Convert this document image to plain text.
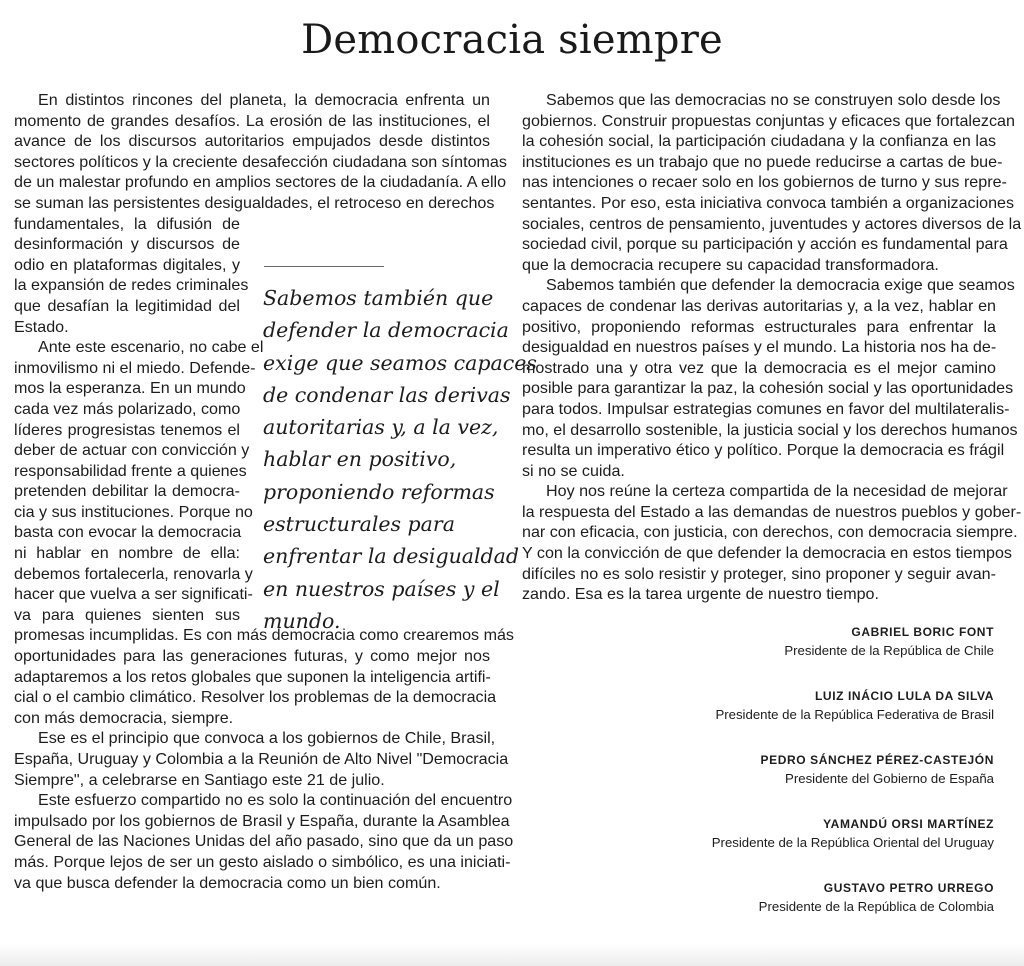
Democracia siempre
En distintos rincones del planeta, la democracia enfrenta un
momento de grandes desafíos. La erosión de las instituciones, el
avance de los discursos autoritarios empujados desde distintos
sectores políticos y la creciente desafección ciudadana son síntomas
de un malestar profundo en amplios sectores de la ciudadanía. A ello
se suman las persistentes desigualdades, el retroceso en derechos
fundamentales, la difusión de
desinformación y discursos de
odio en plataformas digitales, y
la expansión de redes criminales
que desafían la legitimidad del
Estado.
Ante este escenario, no cabe el
inmovilismo ni el miedo. Defende-
mos la esperanza. En un mundo
cada vez más polarizado, como
líderes progresistas tenemos el
deber de actuar con convicción y
responsabilidad frente a quienes
pretenden debilitar la democra-
cia y sus instituciones. Porque no
basta con evocar la democracia
ni hablar en nombre de ella:
debemos fortalecerla, renovarla y
hacer que vuelva a ser significati-
va para quienes sienten sus
promesas incumplidas. Es con más democracia como crearemos más
oportunidades para las generaciones futuras, y como mejor nos
adaptaremos a los retos globales que suponen la inteligencia artifi-
cial o el cambio climático. Resolver los problemas de la democracia
con más democracia, siempre.
Ese es el principio que convoca a los gobiernos de Chile, Brasil,
España, Uruguay y Colombia a la Reunión de Alto Nivel "Democracia
Siempre", a celebrarse en Santiago este 21 de julio.
Este esfuerzo compartido no es solo la continuación del encuentro
impulsado por los gobiernos de Brasil y España, durante la Asamblea
General de las Naciones Unidas del año pasado, sino que da un paso
más. Porque lejos de ser un gesto aislado o simbólico, es una iniciati-
va que busca defender la democracia como un bien común.
Sabemos también que
defender la democracia
exige que seamos capaces
de condenar las derivas
autoritarias y, a la vez,
hablar en positivo,
proponiendo reformas
estructurales para
enfrentar la desigualdad
en nuestros países y el
mundo.
Sabemos que las democracias no se construyen solo desde los
gobiernos. Construir propuestas conjuntas y eficaces que fortalezcan
la cohesión social, la participación ciudadana y la confianza en las
instituciones es un trabajo que no puede reducirse a cartas de bue-
nas intenciones o recaer solo en los gobiernos de turno y sus repre-
sentantes. Por eso, esta iniciativa convoca también a organizaciones
sociales, centros de pensamiento, juventudes y actores diversos de la
sociedad civil, porque su participación y acción es fundamental para
que la democracia recupere su capacidad transformadora.
Sabemos también que defender la democracia exige que seamos
capaces de condenar las derivas autoritarias y, a la vez, hablar en
positivo, proponiendo reformas estructurales para enfrentar la
desigualdad en nuestros países y el mundo. La historia nos ha de-
mostrado una y otra vez que la democracia es el mejor camino
posible para garantizar la paz, la cohesión social y las oportunidades
para todos. Impulsar estrategias comunes en favor del multilateralis-
mo, el desarrollo sostenible, la justicia social y los derechos humanos
resulta un imperativo ético y político. Porque la democracia es frágil
si no se cuida.
Hoy nos reúne la certeza compartida de la necesidad de mejorar
la respuesta del Estado a las demandas de nuestros pueblos y gober-
nar con eficacia, con justicia, con derechos, con democracia siempre.
Y con la convicción de que defender la democracia en estos tiempos
difíciles no es solo resistir y proteger, sino proponer y seguir avan-
zando. Esa es la tarea urgente de nuestro tiempo.
GABRIEL BORIC FONT
Presidente de la República de Chile
LUIZ INÁCIO LULA DA SILVA
Presidente de la República Federativa de Brasil
PEDRO SÁNCHEZ PÉREZ-CASTEJÓN
Presidente del Gobierno de España
YAMANDÚ ORSI MARTÍNEZ
Presidente de la República Oriental del Uruguay
GUSTAVO PETRO URREGO
Presidente de la República de Colombia
